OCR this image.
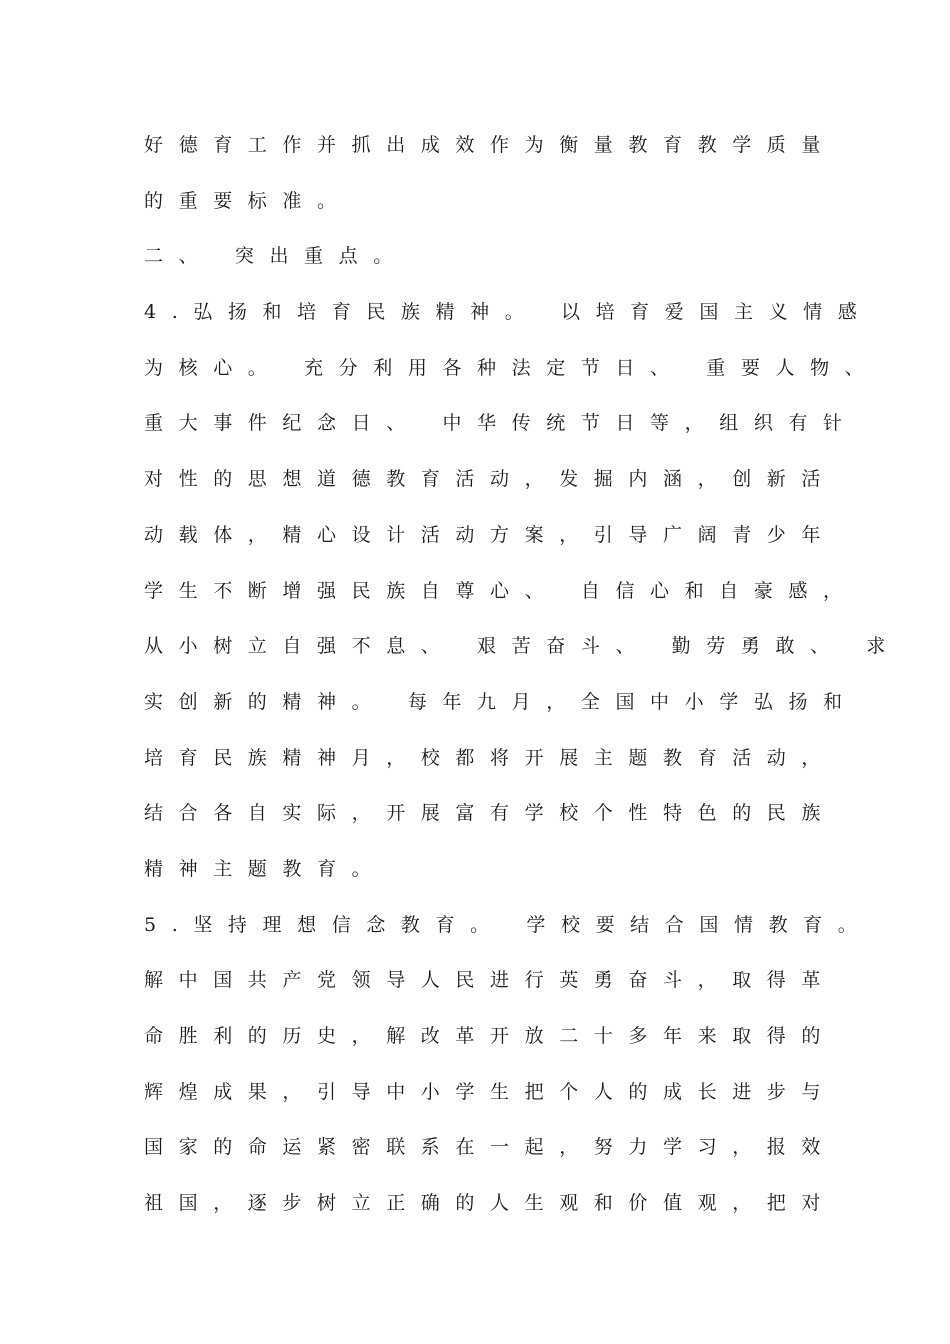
好德育工作并抓出成效作为衡量教育教学质量
的重要标准。
二、 突出重点。
4.弘扬和培育民族精神。 以培育爱国主义情感
为核心。 充分利用各种法定节日、 重要人物、
重大事件纪念日、 中华传统节日等，组织有针
对性的思想道德教育活动，发掘内涵，创新活
动载体，精心设计活动方案，引导广阔青少年
学生不断增强民族自尊心、 自信心和自豪感，
从小树立自强不息、 艰苦奋斗、 勤劳勇敢、 求
实创新的精神。 每年九月，全国中小学弘扬和
培育民族精神月，校都将开展主题教育活动，
结合各自实际，开展富有学校个性特色的民族
精神主题教育。
5.坚持理想信念教育。 学校要结合国情教育。
解中国共产党领导人民进行英勇奋斗，取得革
命胜利的历史，解改革开放二十多年来取得的
辉煌成果，引导中小学生把个人的成长进步与
国家的命运紧密联系在一起，努力学习，报效
祖国，逐步树立正确的人生观和价值观，把对
